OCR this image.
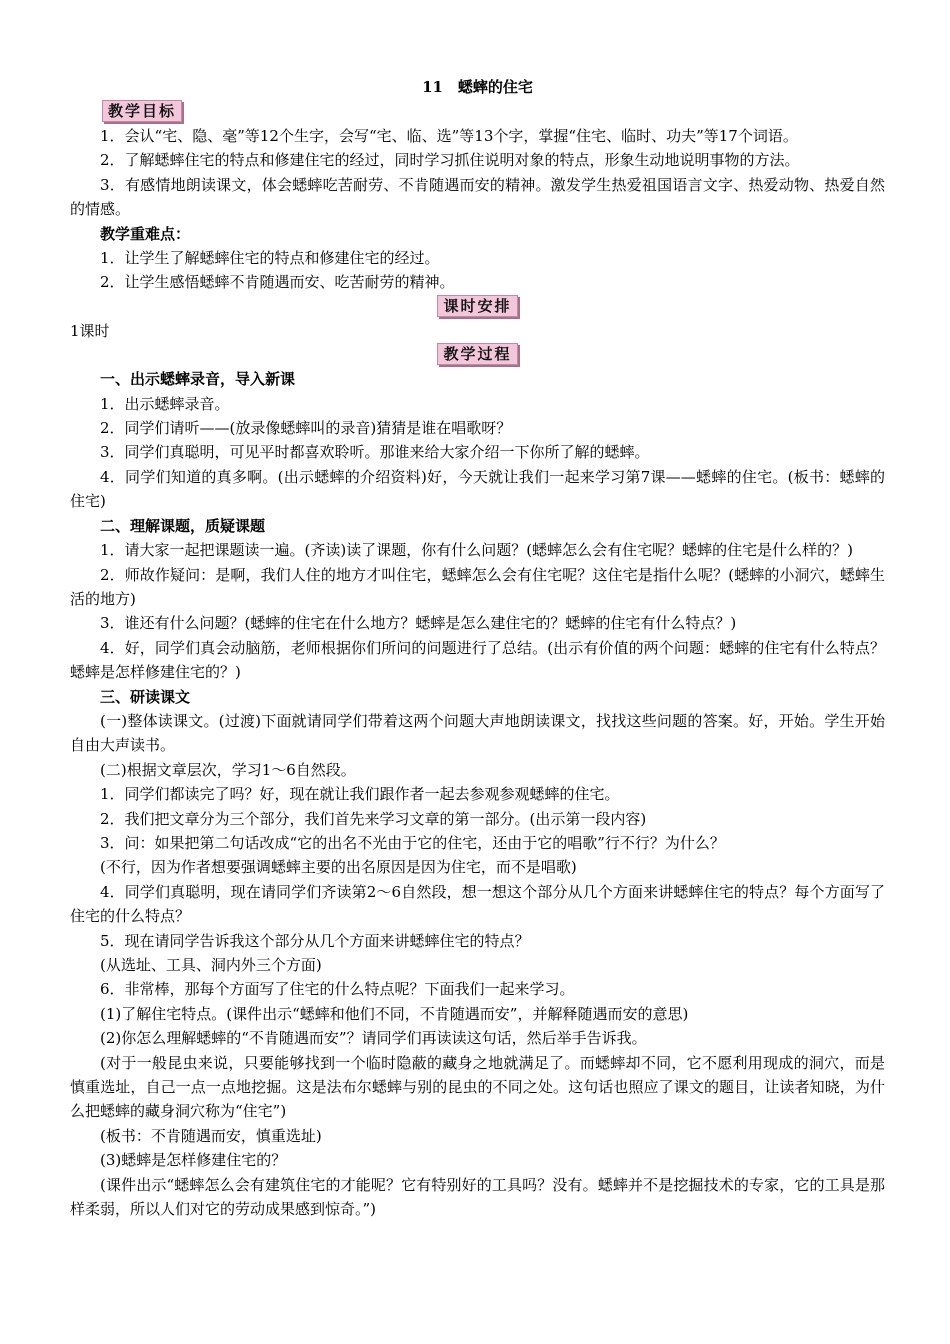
11　蟋蟀的住宅
教学目标

1．会认“宅、隐、毫”等12个生字，会写“宅、临、选”等13个字，掌握“住宅、临时、功夫”等17个词语。

2．了解蟋蟀住宅的特点和修建住宅的经过，同时学习抓住说明对象的特点，形象生动地说明事物的方法。

3．有感情地朗读课文，体会蟋蟀吃苦耐劳、不肯随遇而安的精神。激发学生热爱祖国语言文字、热爱动物、热爱自然的情感。

教学重难点：

1．让学生了解蟋蟀住宅的特点和修建住宅的经过。

2．让学生感悟蟋蟀不肯随遇而安、吃苦耐劳的精神。

课时安排

1课时

教学过程

一、出示蟋蟀录音，导入新课

1．出示蟋蟀录音。

2．同学们请听——(放录像蟋蟀叫的录音)猜猜是谁在唱歌呀？

3．同学们真聪明，可见平时都喜欢聆听。那谁来给大家介绍一下你所了解的蟋蟀。

4．同学们知道的真多啊。(出示蟋蟀的介绍资料)好，今天就让我们一起来学习第7课——蟋蟀的住宅。(板书：蟋蟀的住宅)

二、理解课题，质疑课题

1．请大家一起把课题读一遍。(齐读)读了课题，你有什么问题？(蟋蟀怎么会有住宅呢？蟋蟀的住宅是什么样的？)

2．师故作疑问：是啊，我们人住的地方才叫住宅，蟋蟀怎么会有住宅呢？这住宅是指什么呢？(蟋蟀的小洞穴，蟋蟀生活的地方)

3．谁还有什么问题？(蟋蟀的住宅在什么地方？蟋蟀是怎么建住宅的？蟋蟀的住宅有什么特点？)

4．好，同学们真会动脑筋，老师根据你们所问的问题进行了总结。(出示有价值的两个问题：蟋蟀的住宅有什么特点？蟋蟀是怎样修建住宅的？)

三、研读课文

(一)整体读课文。(过渡)下面就请同学们带着这两个问题大声地朗读课文，找找这些问题的答案。好，开始。学生开始自由大声读书。

(二)根据文章层次，学习1～6自然段。

1．同学们都读完了吗？好，现在就让我们跟作者一起去参观参观蟋蟀的住宅。

2．我们把文章分为三个部分，我们首先来学习文章的第一部分。(出示第一段内容)

3．问：如果把第二句话改成“它的出名不光由于它的住宅，还由于它的唱歌”行不行？为什么？

(不行，因为作者想要强调蟋蟀主要的出名原因是因为住宅，而不是唱歌)

4．同学们真聪明，现在请同学们齐读第2～6自然段，想一想这个部分从几个方面来讲蟋蟀住宅的特点？每个方面写了住宅的什么特点？

5．现在请同学告诉我这个部分从几个方面来讲蟋蟀住宅的特点？

(从选址、工具、洞内外三个方面)

6．非常棒，那每个方面写了住宅的什么特点呢？下面我们一起来学习。

(1)了解住宅特点。(课件出示“蟋蟀和他们不同，不肯随遇而安”，并解释随遇而安的意思)

(2)你怎么理解蟋蟀的“不肯随遇而安”？请同学们再读读这句话，然后举手告诉我。

(对于一般昆虫来说，只要能够找到一个临时隐蔽的藏身之地就满足了。而蟋蟀却不同，它不愿利用现成的洞穴，而是慎重选址，自己一点一点地挖掘。这是法布尔蟋蟀与别的昆虫的不同之处。这句话也照应了课文的题目，让读者知晓，为什么把蟋蟀的藏身洞穴称为“住宅”)

(板书：不肯随遇而安，慎重选址)

(3)蟋蟀是怎样修建住宅的？

(课件出示“蟋蟀怎么会有建筑住宅的才能呢？它有特别好的工具吗？没有。蟋蟀并不是挖掘技术的专家，它的工具是那样柔弱，所以人们对它的劳动成果感到惊奇。”)
